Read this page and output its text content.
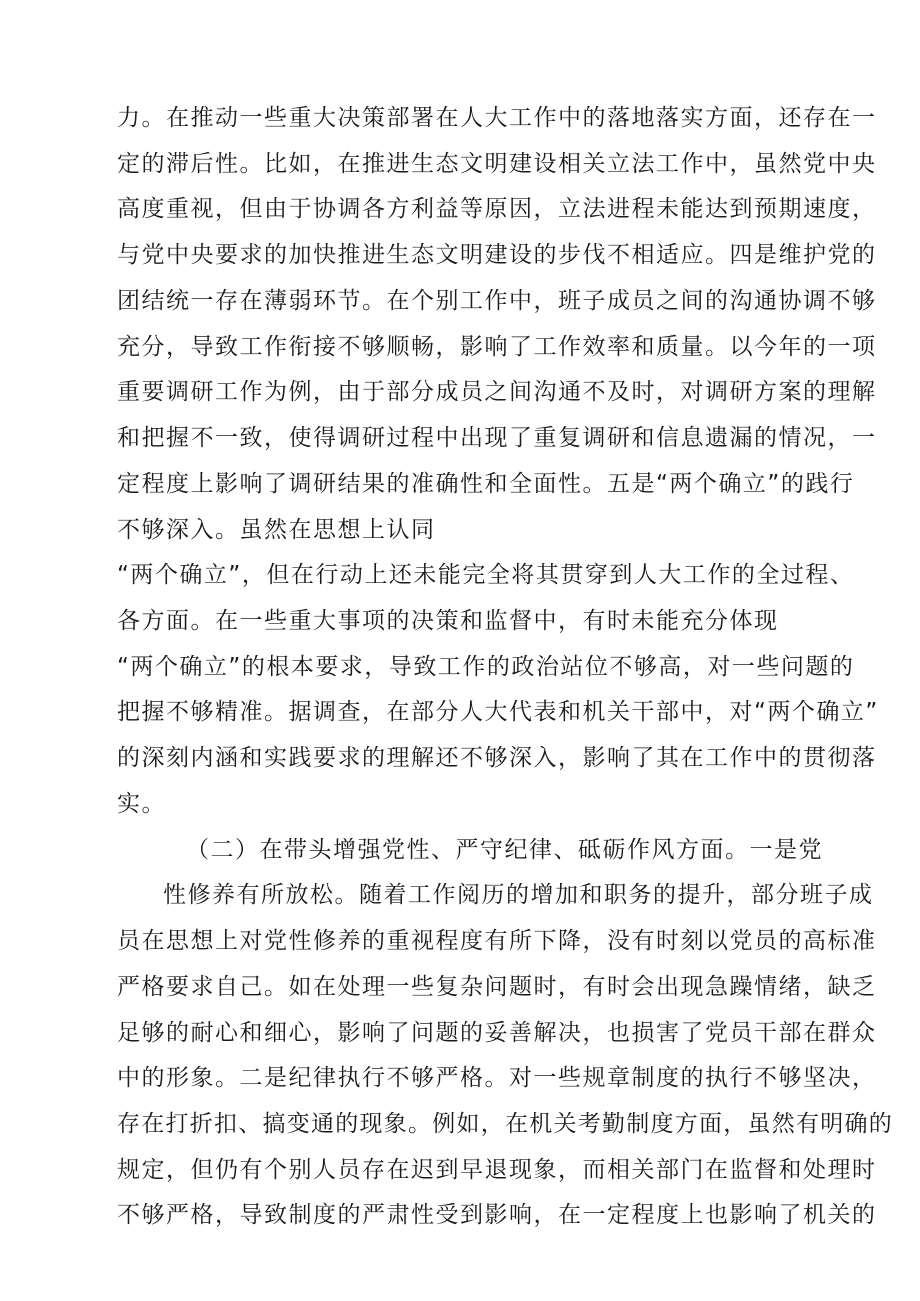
力。在推动一些重大决策部署在人大工作中的落地落实方面，还存在一

定的滞后性。比如，在推进生态文明建设相关立法工作中，虽然党中央

高度重视，但由于协调各方利益等原因，立法进程未能达到预期速度，

与党中央要求的加快推进生态文明建设的步伐不相适应。四是维护党的

团结统一存在薄弱环节。在个别工作中，班子成员之间的沟通协调不够

充分，导致工作衔接不够顺畅，影响了工作效率和质量。以今年的一项

重要调研工作为例，由于部分成员之间沟通不及时，对调研方案的理解

和把握不一致，使得调研过程中出现了重复调研和信息遗漏的情况，一

定程度上影响了调研结果的准确性和全面性。五是“两个确立”的践行

不够深入。虽然在思想上认同

“两个确立”，但在行动上还未能完全将其贯穿到人大工作的全过程、

各方面。在一些重大事项的决策和监督中，有时未能充分体现

“两个确立”的根本要求，导致工作的政治站位不够高，对一些问题的

把握不够精准。据调查，在部分人大代表和机关干部中，对“两个确立”

的深刻内涵和实践要求的理解还不够深入，影响了其在工作中的贯彻落

实。

（二）在带头增强党性、严守纪律、砥砺作风方面。一是党

性修养有所放松。随着工作阅历的增加和职务的提升，部分班子成

员在思想上对党性修养的重视程度有所下降，没有时刻以党员的高标准

严格要求自己。如在处理一些复杂问题时，有时会出现急躁情绪，缺乏

足够的耐心和细心，影响了问题的妥善解决，也损害了党员干部在群众

中的形象。二是纪律执行不够严格。对一些规章制度的执行不够坚决，

存在打折扣、搞变通的现象。例如，在机关考勤制度方面，虽然有明确的

规定，但仍有个别人员存在迟到早退现象，而相关部门在监督和处理时

不够严格，导致制度的严肃性受到影响，在一定程度上也影响了机关的
